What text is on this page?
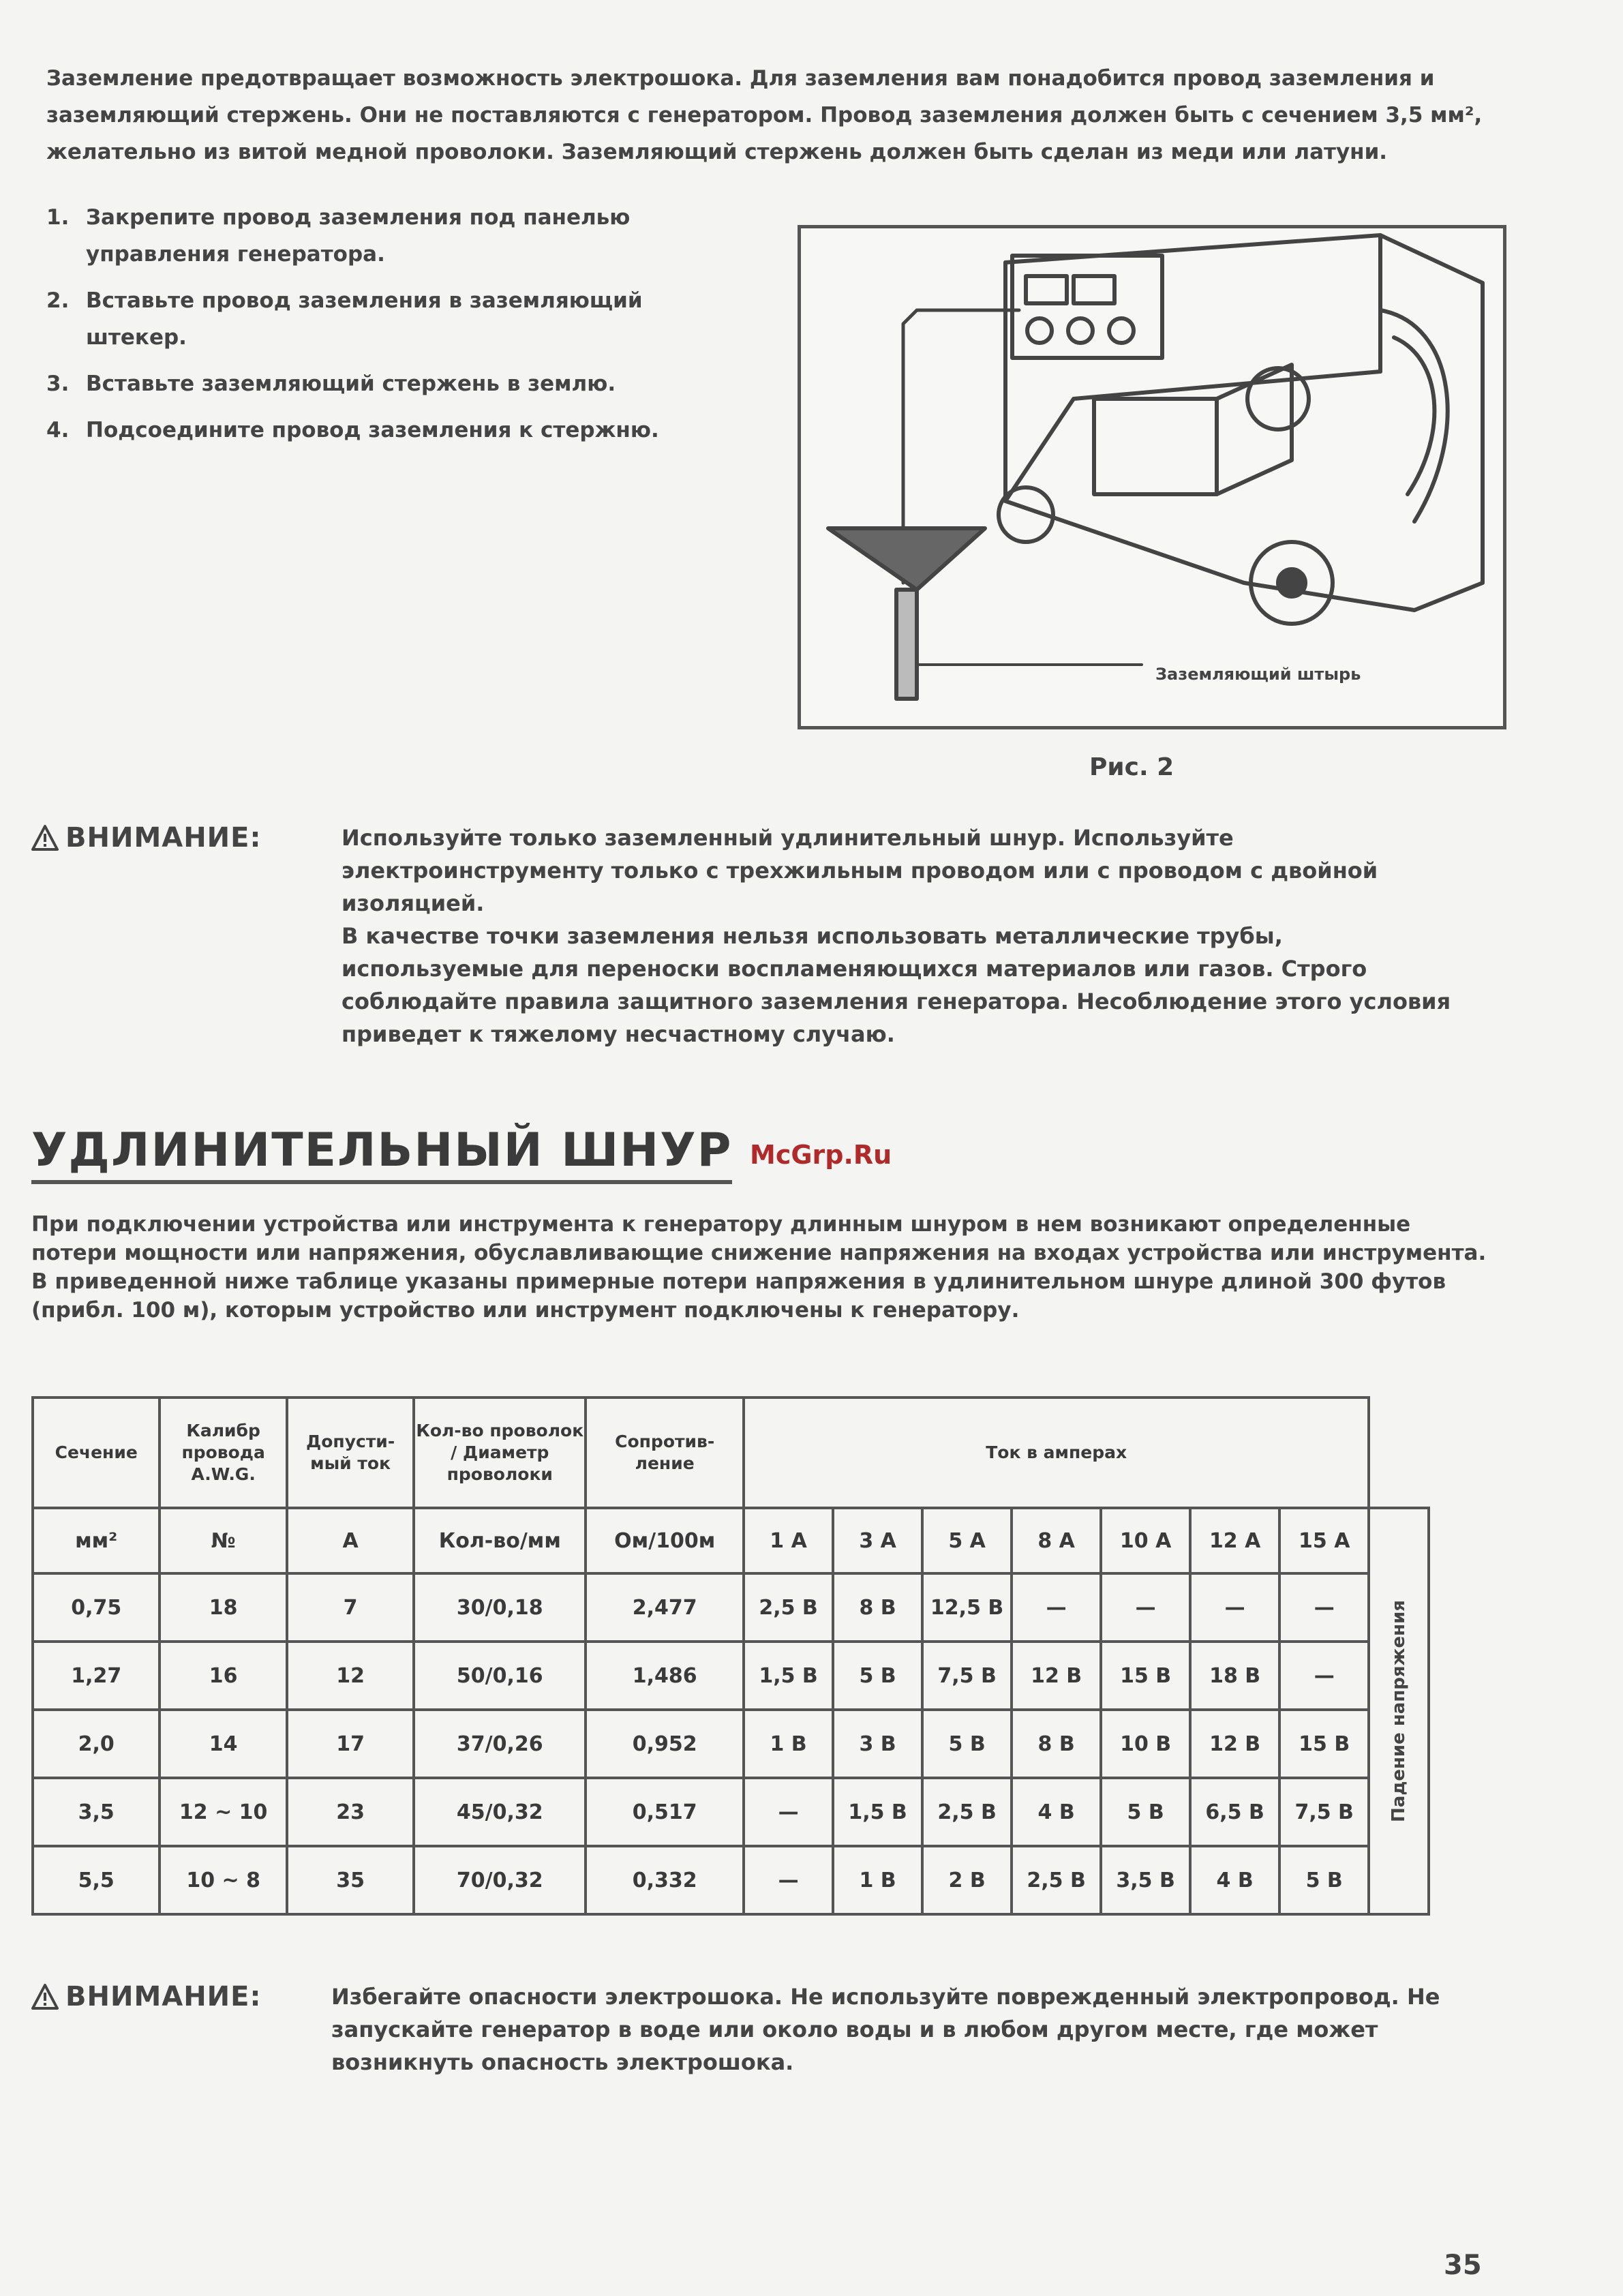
Заземление предотвращает возможность электрошока. Для заземления вам понадобится провод заземления и заземляющий стержень. Они не поставляются с генератором. Провод заземления должен быть с сечением 3,5 мм², желательно из витой медной проволоки. Заземляющий стержень должен быть сделан из меди или латуни.
1. Закрепите провод заземления под панелью управления генератора.
2. Вставьте провод заземления в заземляющий штекер.
3. Вставьте заземляющий стержень в землю.
4. Подсоедините провод заземления к стержню.
Заземляющий штырь
Рис. 2
ВНИМАНИЕ:	Используйте только заземленный удлинительный шнур. Используйте электроинструменту только с трехжильным проводом или с проводом с двойной изоляцией.

В качестве точки заземления нельзя использовать металлические трубы, используемые для переноски воспламеняющихся материалов или газов. Строго соблюдайте правила защитного заземления генератора. Несоблюдение этого условия приведет к тяжелому несчастному случаю.

УДЛИНИТЕЛЬНЫЙ ШНУР McGrp.Ru

При подключении устройства или инструмента к генератору длинным шнуром в нем возникают определенные потери мощности или напряжения, обуславливающие снижение напряжения на входах устройства или инструмента.

В приведенной ниже таблице указаны примерные потери напряжения в удлинительном шнуре длиной 300 футов (прибл. 100 м), которым устройство или инструмент подключены к генератору.

Сечение	Калибр провода A.W.G.	Допусти-мый ток	Кол-во проволок / Диаметр проволоки	Сопротив-ление	Ток в амперах							
мм²	№	А	Кол-во/мм	Ом/100м	1 А	3 А	5 А	8 А	10 А	12 А	15 А	Падение напряжения

0,75	18	7	30/0,18	2,477	2,5 В	8 В	12,5 В	—	—	—	—	
1,27	16	12	50/0,16	1,486	1,5 В	5 В	7,5 В	12 В	15 В	18 В	—	
2,0	14	17	37/0,26	0,952	1 В	3 В	5 В	8 В	10 В	12 В	15 В	
3,5	12 ~ 10	23	45/0,32	0,517	—	1,5 В	2,5 В	4 В	5 В	6,5 В	7,5 В	
5,5	10 ~ 8	35	70/0,32	0,332	—	1 В	2 В	2,5 В	3,5 В	4 В	5 В	
ВНИМАНИЕ:	Избегайте опасности электрошока. Не используйте поврежденный электропровод. Не запускайте генератор в воде или около воды и в любом другом месте, где может возникнуть опасность электрошока.

35
